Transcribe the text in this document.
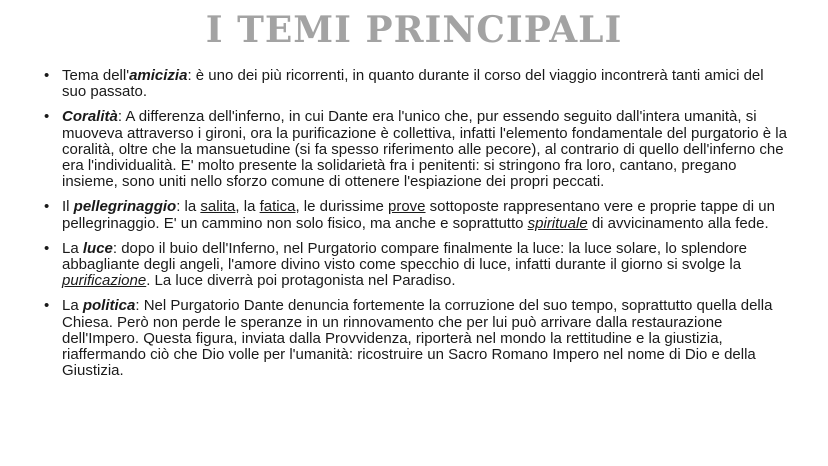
I TEMI PRINCIPALI
• Tema dell'amicizia: è uno dei più ricorrenti, in quanto durante il corso del viaggio incontrerà tanti amici del suo passato.
• Coralità: A differenza dell'inferno, in cui Dante era l'unico che, pur essendo seguito dall'intera umanità, si muoveva attraverso i gironi, ora la purificazione è collettiva, infatti l'elemento fondamentale del purgatorio è la coralità, oltre che la mansuetudine (si fa spesso riferimento alle pecore), al contrario di quello dell'inferno che era l'individualità. E' molto presente la solidarietà fra i penitenti: si stringono fra loro, cantano, pregano insieme, sono uniti nello sforzo comune di ottenere l'espiazione dei propri peccati.
• Il pellegrinaggio: la salita, la fatica, le durissime prove sottoposte rappresentano vere e proprie tappe di un pellegrinaggio. E' un cammino non solo fisico, ma anche e soprattutto spirituale di avvicinamento alla fede.
• La luce: dopo il buio dell'Inferno, nel Purgatorio compare finalmente la luce: la luce solare, lo splendore abbagliante degli angeli, l'amore divino visto come specchio di luce, infatti durante il giorno si svolge la purificazione. La luce diverrà poi protagonista nel Paradiso.
• La politica: Nel Purgatorio Dante denuncia fortemente la corruzione del suo tempo, soprattutto quella della Chiesa. Però non perde le speranze in un rinnovamento che per lui può arrivare dalla restaurazione dell'Impero. Questa figura, inviata dalla Provvidenza, riporterà nel mondo la rettitudine e la giustizia, riaffermando ciò che Dio volle per l'umanità: ricostruire un Sacro Romano Impero nel nome di Dio e della Giustizia.
